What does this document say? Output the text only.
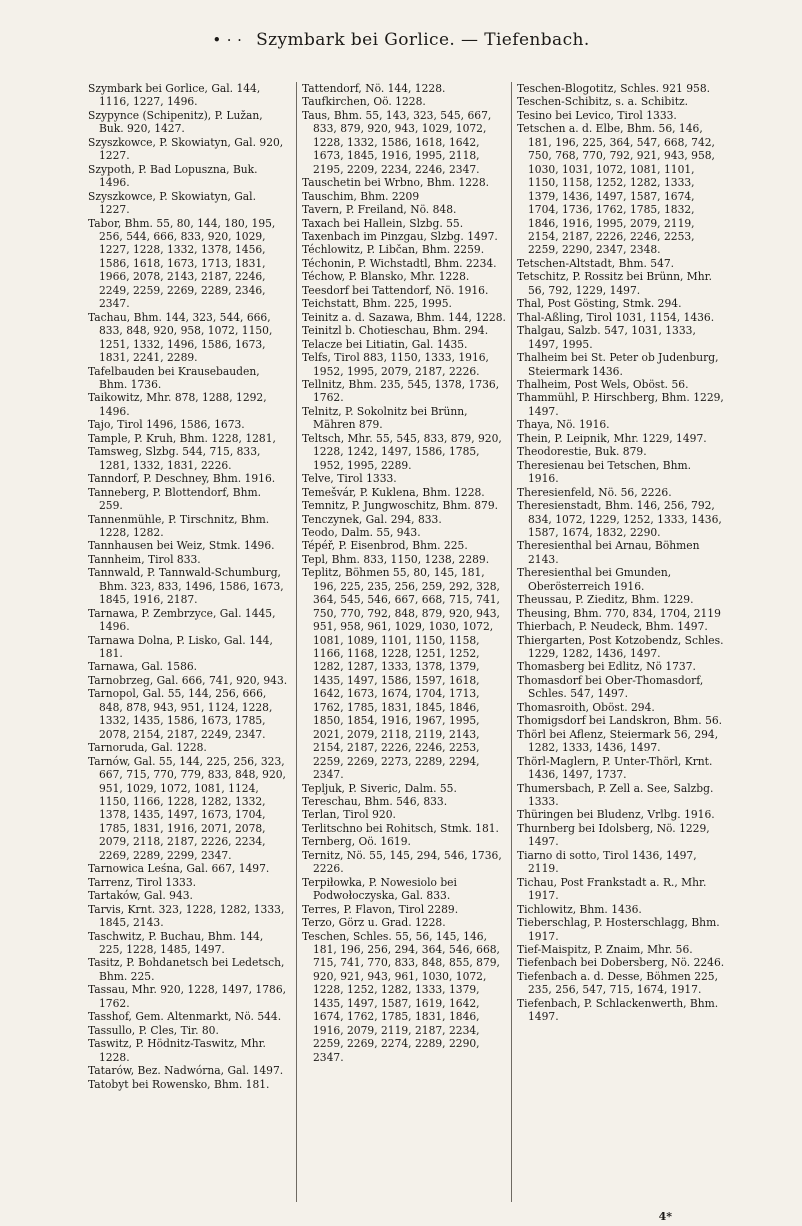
• · · Szymbark bei Gorlice. — Tiefenbach.

Szymbark bei Gorlice, Gal. 144, 1116, 1227, 1496.

Szypynce (Schipenitz), P. Lužan, Buk. 920, 1427.

Szyszkowce, P. Skowiatyn, Gal. 920, 1227.

Szypoth, P. Bad Lopuszna, Buk. 1496.

Szyszkowce, P. Skowiatyn, Gal. 1227.

Tabor, Bhm. 55, 80, 144, 180, 195, 256, 544, 666, 833, 920, 1029, 1227, 1228, 1332, 1378, 1456, 1586, 1618, 1673, 1713, 1831, 1966, 2078, 2143, 2187, 2246, 2249, 2259, 2269, 2289, 2346, 2347.

Tachau, Bhm. 144, 323, 544, 666, 833, 848, 920, 958, 1072, 1150, 1251, 1332, 1496, 1586, 1673, 1831, 2241, 2289.

Tafelbauden bei Krausebauden, Bhm. 1736.

Taikowitz, Mhr. 878, 1288, 1292, 1496.

Tajo, Tirol 1496, 1586, 1673.

Tample, P. Kruh, Bhm. 1228, 1281,

Tamsweg, Slzbg. 544, 715, 833, 1281, 1332, 1831, 2226.

Tanndorf, P. Deschney, Bhm. 1916.

Tanneberg, P. Blottendorf, Bhm. 259.

Tannenmühle, P. Tirschnitz, Bhm. 1228, 1282.

Tannhausen bei Weiz, Stmk. 1496.

Tannheim, Tirol 833.

Tannwald, P. Tannwald-Schumburg, Bhm. 323, 833, 1496, 1586, 1673, 1845, 1916, 2187.

Tarnawa, P. Zembrzyce, Gal. 1445, 1496.

Tarnawa Dolna, P. Lisko, Gal. 144, 181.

Tarnawa, Gal. 1586.

Tarnobrzeg, Gal. 666, 741, 920, 943.

Tarnopol, Gal. 55, 144, 256, 666, 848, 878, 943, 951, 1124, 1228, 1332, 1435, 1586, 1673, 1785, 2078, 2154, 2187, 2249, 2347.

Tarnoruda, Gal. 1228.

Tarnów, Gal. 55, 144, 225, 256, 323, 667, 715, 770, 779, 833, 848, 920, 951, 1029, 1072, 1081, 1124, 1150, 1166, 1228, 1282, 1332, 1378, 1435, 1497, 1673, 1704, 1785, 1831, 1916, 2071, 2078, 2079, 2118, 2187, 2226, 2234, 2269, 2289, 2299, 2347.

Tarnowica Leśna, Gal. 667, 1497.

Tarrenz, Tirol 1333.

Tartaków, Gal. 943.

Tarvis, Krnt. 323, 1228, 1282, 1333, 1845, 2143.

Taschwitz, P. Buchau, Bhm. 144, 225, 1228, 1485, 1497.

Tasitz, P. Bohdanetsch bei Ledetsch, Bhm. 225.

Tassau, Mhr. 920, 1228, 1497, 1786, 1762.

Tasshof, Gem. Altenmarkt, Nö. 544.

Tassullo, P. Cles, Tir. 80.

Taswitz, P. Hödnitz-Taswitz, Mhr. 1228.

Tatarów, Bez. Nadwórna, Gal. 1497.

Tatobyt bei Rowensko, Bhm. 181.

Tattendorf, Nö. 144, 1228.

Taufkirchen, Oö. 1228.

Taus, Bhm. 55, 143, 323, 545, 667, 833, 879, 920, 943, 1029, 1072, 1228, 1332, 1586, 1618, 1642, 1673, 1845, 1916, 1995, 2118, 2195, 2209, 2234, 2246, 2347.

Tauschetin bei Wrbno, Bhm. 1228.

Tauschim, Bhm. 2209

Tavern, P. Freiland, Nö. 848.

Taxach bei Hallein, Slzbg. 55.

Taxenbach im Pinzgau, Slzbg. 1497.

Téchlowitz, P. Libčan, Bhm. 2259.

Téchonin, P. Wichstadtl, Bhm. 2234.

Téchow, P. Blansko, Mhr. 1228.

Teesdorf bei Tattendorf, Nö. 1916.

Teichstatt, Bhm. 225, 1995.

Teinitz a. d. Sazawa, Bhm. 144, 1228.

Teinitzl b. Chotieschau, Bhm. 294.

Telacze bei Litiatin, Gal. 1435.

Telfs, Tirol 883, 1150, 1333, 1916, 1952, 1995, 2079, 2187, 2226.

Tellnitz, Bhm. 235, 545, 1378, 1736, 1762.

Telnitz, P. Sokolnitz bei Brünn, Mähren 879.

Teltsch, Mhr. 55, 545, 833, 879, 920, 1228, 1242, 1497, 1586, 1785, 1952, 1995, 2289.

Telve, Tirol 1333.

Temešvár, P. Kuklena, Bhm. 1228.

Temnitz, P. Jungwoschitz, Bhm. 879.

Tenczynek, Gal. 294, 833.

Teodo, Dalm. 55, 943.

Tépéř, P. Eisenbrod, Bhm. 225.

Tepl, Bhm. 833, 1150, 1238, 2289.

Teplitz, Böhmen 55, 80, 145, 181, 196, 225, 235, 256, 259, 292, 328, 364, 545, 546, 667, 668, 715, 741, 750, 770, 792, 848, 879, 920, 943, 951, 958, 961, 1029, 1030, 1072, 1081, 1089, 1101, 1150, 1158, 1166, 1168, 1228, 1251, 1252, 1282, 1287, 1333, 1378, 1379, 1435, 1497, 1586, 1597, 1618, 1642, 1673, 1674, 1704, 1713, 1762, 1785, 1831, 1845, 1846, 1850, 1854, 1916, 1967, 1995, 2021, 2079, 2118, 2119, 2143, 2154, 2187, 2226, 2246, 2253, 2259, 2269, 2273, 2289, 2294, 2347.

Tepljuk, P. Siveric, Dalm. 55.

Tereschau, Bhm. 546, 833.

Terlan, Tirol 920.

Terlitschno bei Rohitsch, Stmk. 181.

Ternberg, Oö. 1619.

Ternitz, Nö. 55, 145, 294, 546, 1736, 2226.

Terpiłowka, P. Nowesiolo bei Podwołoczyska, Gal. 833.

Terres, P. Flavon, Tirol 2289.

Terzo, Görz u. Grad. 1228.

Teschen, Schles. 55, 56, 145, 146, 181, 196, 256, 294, 364, 546, 668, 715, 741, 770, 833, 848, 855, 879, 920, 921, 943, 961, 1030, 1072, 1228, 1252, 1282, 1333, 1379, 1435, 1497, 1587, 1619, 1642, 1674, 1762, 1785, 1831, 1846, 1916, 2079, 2119, 2187, 2234, 2259, 2269, 2274, 2289, 2290, 2347.

Teschen-Blogotitz, Schles. 921 958.

Teschen-Schibitz, s. a. Schibitz.

Tesino bei Levico, Tirol 1333.

Tetschen a. d. Elbe, Bhm. 56, 146, 181, 196, 225, 364, 547, 668, 742, 750, 768, 770, 792, 921, 943, 958, 1030, 1031, 1072, 1081, 1101, 1150, 1158, 1252, 1282, 1333, 1379, 1436, 1497, 1587, 1674, 1704, 1736, 1762, 1785, 1832, 1846, 1916, 1995, 2079, 2119, 2154, 2187, 2226, 2246, 2253, 2259, 2290, 2347, 2348.

Tetschen-Altstadt, Bhm. 547.

Tetschitz, P. Rossitz bei Brünn, Mhr. 56, 792, 1229, 1497.

Thal, Post Gösting, Stmk. 294.

Thal-Aßling, Tirol 1031, 1154, 1436.

Thalgau, Salzb. 547, 1031, 1333, 1497, 1995.

Thalheim bei St. Peter ob Judenburg, Steiermark 1436.

Thalheim, Post Wels, Oböst. 56.

Thammühl, P. Hirschberg, Bhm. 1229, 1497.

Thaya, Nö. 1916.

Thein, P. Leipnik, Mhr. 1229, 1497.

Theodorestie, Buk. 879.

Theresienau bei Tetschen, Bhm. 1916.

Theresienfeld, Nö. 56, 2226.

Theresienstadt, Bhm. 146, 256, 792, 834, 1072, 1229, 1252, 1333, 1436, 1587, 1674, 1832, 2290.

Theresienthal bei Arnau, Böhmen 2143.

Theresienthal bei Gmunden, Oberösterreich 1916.

Theussau, P. Zieditz, Bhm. 1229.

Theusing, Bhm. 770, 834, 1704, 2119

Thierbach, P. Neudeck, Bhm. 1497.

Thiergarten, Post Kotzobendz, Schles. 1229, 1282, 1436, 1497.

Thomasberg bei Edlitz, Nö 1737.

Thomasdorf bei Ober-Thomasdorf, Schles. 547, 1497.

Thomasroith, Oböst. 294.

Thomigsdorf bei Landskron, Bhm. 56.

Thörl bei Aflenz, Steiermark 56, 294, 1282, 1333, 1436, 1497.

Thörl-Maglern, P. Unter-Thörl, Krnt. 1436, 1497, 1737.

Thumersbach, P. Zell a. See, Salzbg. 1333.

Thüringen bei Bludenz, Vrlbg. 1916.

Thurnberg bei Idolsberg, Nö. 1229, 1497.

Tiarno di sotto, Tirol 1436, 1497, 2119.

Tichau, Post Frankstadt a. R., Mhr. 1917.

Tichlowitz, Bhm. 1436.

Tieberschlag, P. Hosterschlagg, Bhm. 1917.

Tief-Maispitz, P. Znaim, Mhr. 56.

Tiefenbach bei Dobersberg, Nö. 2246.

Tiefenbach a. d. Desse, Böhmen 225, 235, 256, 547, 715, 1674, 1917.

Tiefenbach, P. Schlackenwerth, Bhm. 1497.

4*
